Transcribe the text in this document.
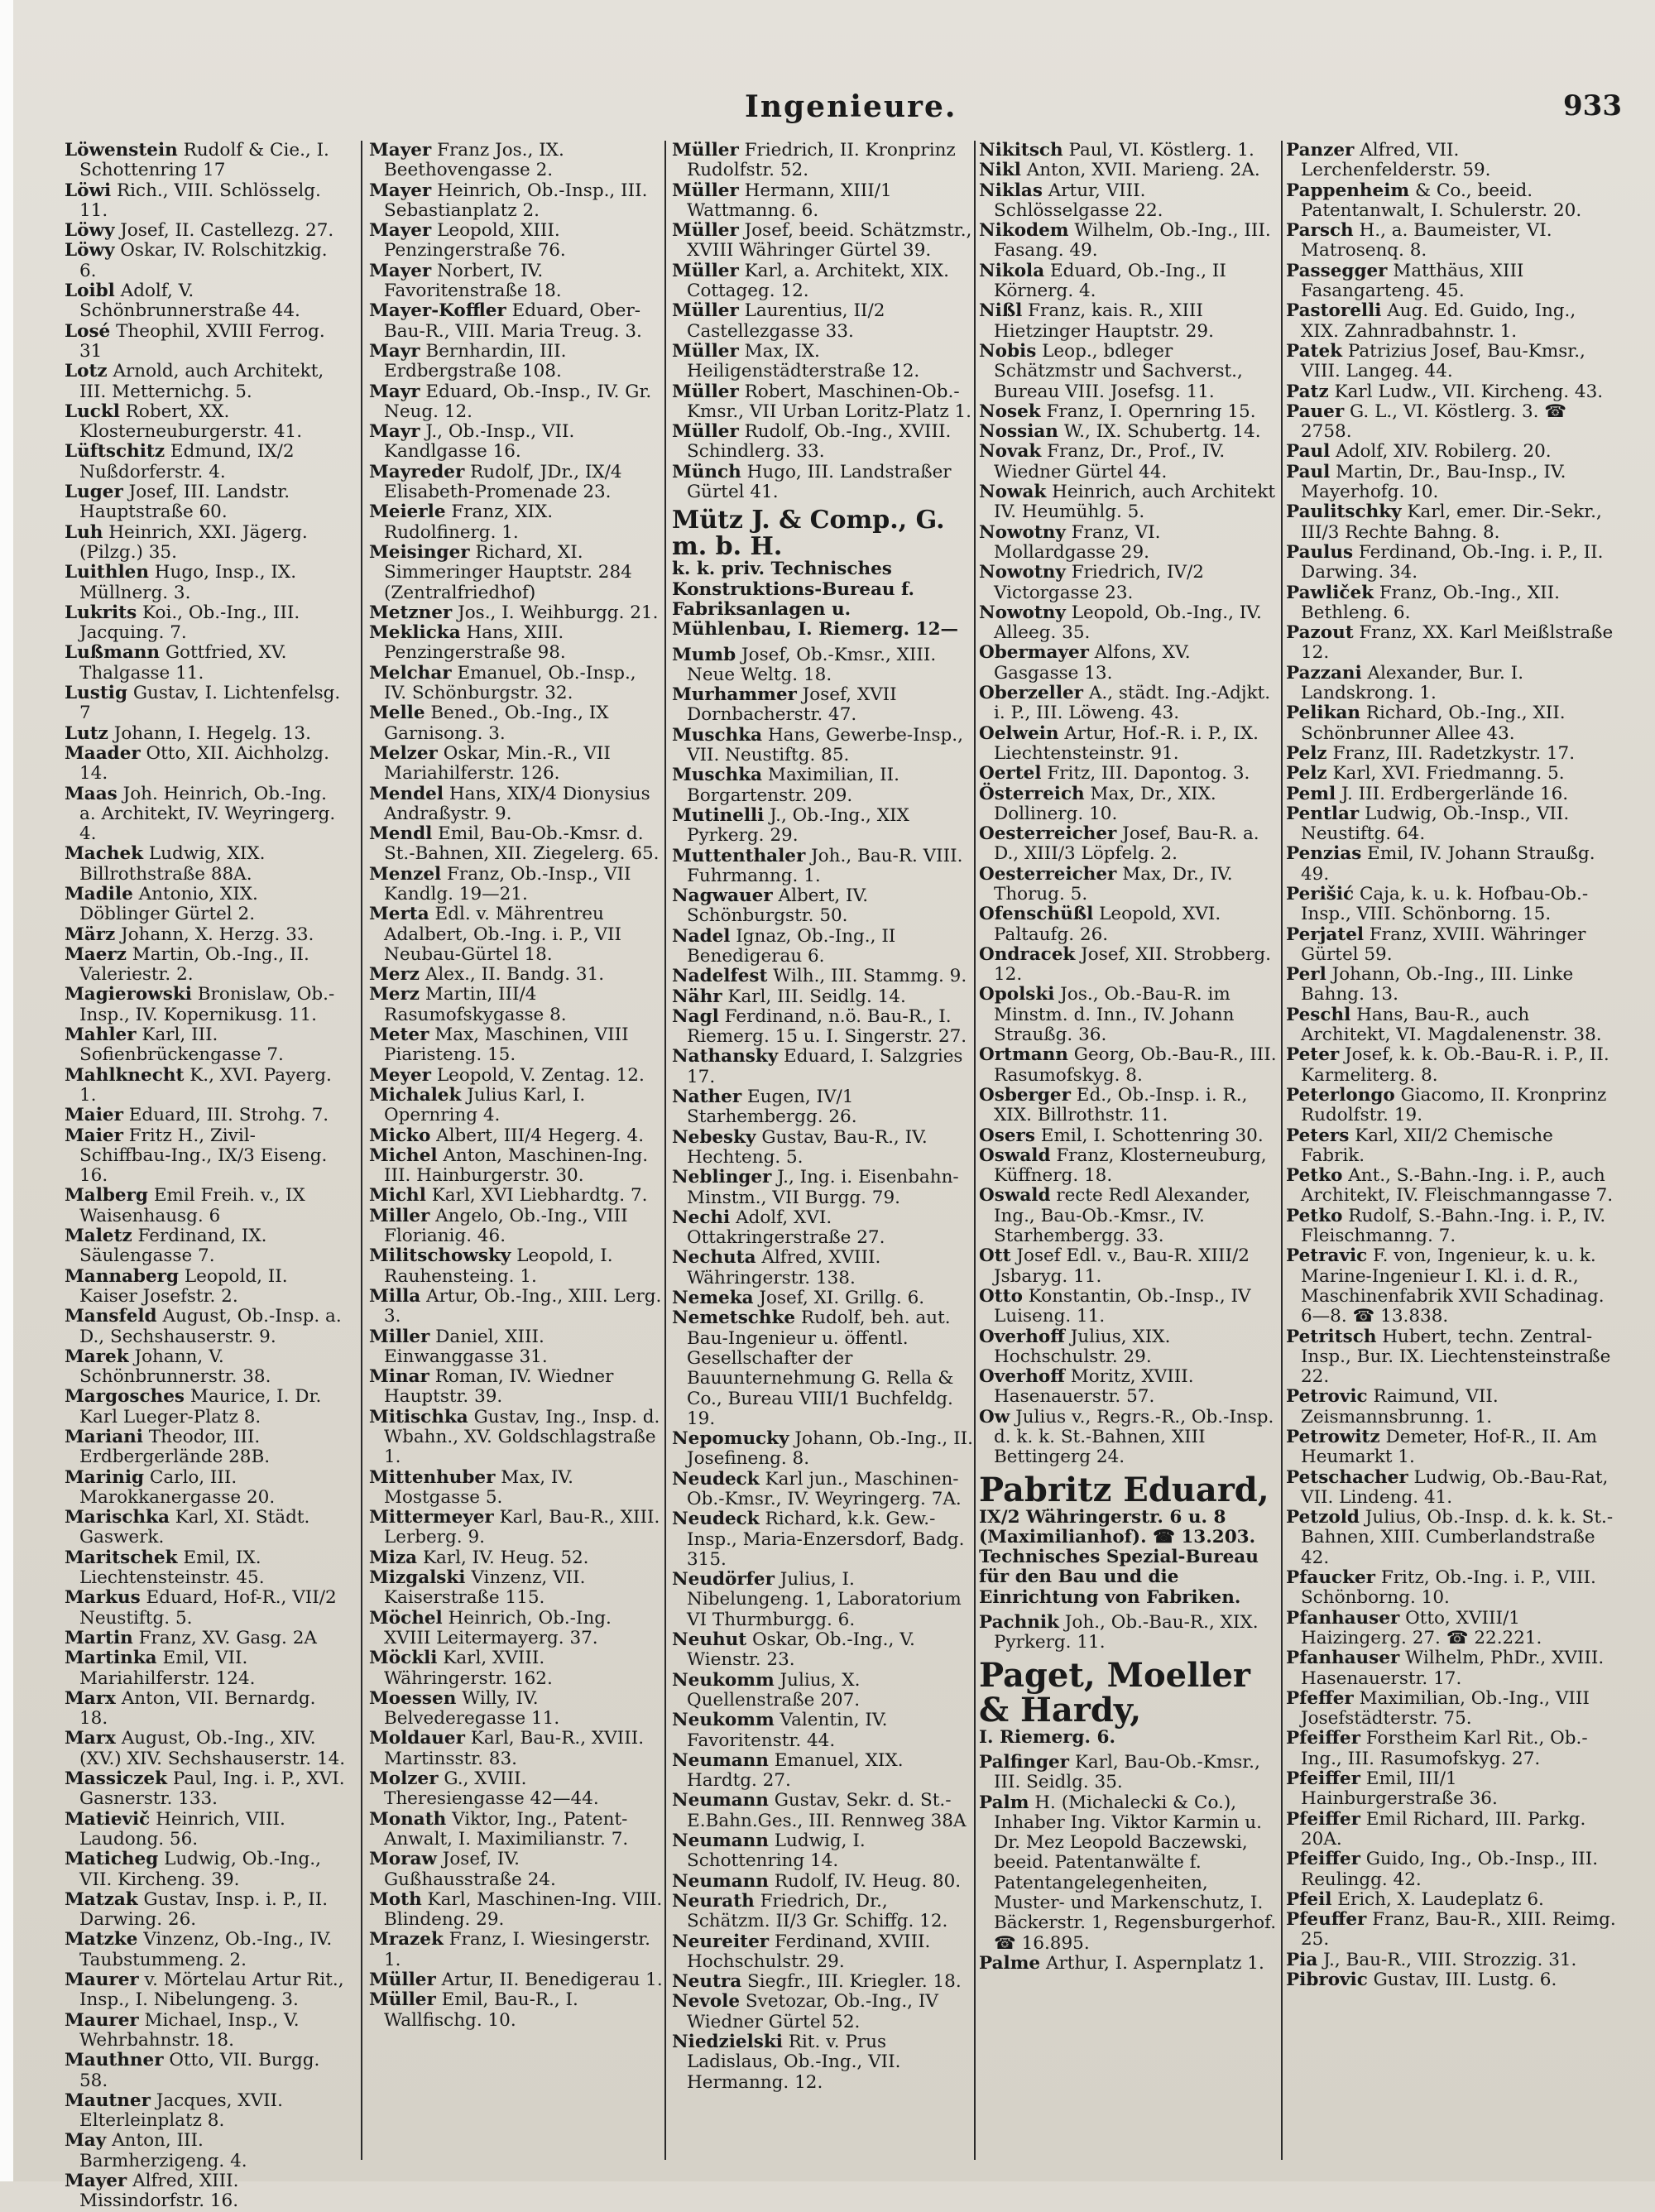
Ingenieure.	933
Löwenstein Rudolf & Cie., I. Schottenring 17
Löwi Rich., VIII. Schlösselg. 11.
Löwy Josef, II. Castellezg. 27.
Löwy Oskar, IV. Rolschitzkig. 6.
Loibl Adolf, V. Schönbrunnerstraße 44.
Losé Theophil, XVIII Ferrog. 31
Lotz Arnold, auch Architekt, III. Metternichg. 5.
Luckl Robert, XX. Klosterneuburgerstr. 41.
Lüftschitz Edmund, IX/2 Nußdorferstr. 4.
Luger Josef, III. Landstr. Hauptstraße 60.
Luh Heinrich, XXI. Jägerg. (Pilzg.) 35.
Luithlen Hugo, Insp., IX. Müllnerg. 3.
Lukrits Koi., Ob.-Ing., III. Jacquing. 7.
Lußmann Gottfried, XV. Thalgasse 11.
Lustig Gustav, I. Lichtenfelsg. 7
Lutz Johann, I. Hegelg. 13.
Maader Otto, XII. Aichholzg. 14.
Maas Joh. Heinrich, Ob.-Ing. a. Architekt, IV. Weyringerg. 4.
Machek Ludwig, XIX. Billrothstraße 88A.
Madile Antonio, XIX. Döblinger Gürtel 2.
März Johann, X. Herzg. 33.
Maerz Martin, Ob.-Ing., II. Valeriestr. 2.
Magierowski Bronislaw, Ob.-Insp., IV. Kopernikusg. 11.
Mahler Karl, III. Sofienbrückengasse 7.
Mahlknecht K., XVI. Payerg. 1.
Maier Eduard, III. Strohg. 7.
Maier Fritz H., Zivil-Schiffbau-Ing., IX/3 Eiseng. 16.
Malberg Emil Freih. v., IX Waisenhausg. 6
Maletz Ferdinand, IX. Säulengasse 7.
Mannaberg Leopold, II. Kaiser Josefstr. 2.
Mansfeld August, Ob.-Insp. a. D., Sechshauserstr. 9.
Marek Johann, V. Schönbrunnerstr. 38.
Margosches Maurice, I. Dr. Karl Lueger-Platz 8.
Mariani Theodor, III. Erdbergerlände 28B.
Marinig Carlo, III. Marokkanergasse 20.
Marischka Karl, XI. Städt. Gaswerk.
Maritschek Emil, IX. Liechtensteinstr. 45.
Markus Eduard, Hof-R., VII/2 Neustiftg. 5.
Martin Franz, XV. Gasg. 2A
Martinka Emil, VII. Mariahilferstr. 124.
Marx Anton, VII. Bernardg. 18.
Marx August, Ob.-Ing., XIV. (XV.) XIV. Sechshauserstr. 14.
Massiczek Paul, Ing. i. P., XVI. Gasnerstr. 133.
Matievič Heinrich, VIII. Laudong. 56.
Maticheg Ludwig, Ob.-Ing., VII. Kircheng. 39.
Matzak Gustav, Insp. i. P., II. Darwing. 26.
Matzke Vinzenz, Ob.-Ing., IV. Taubstummeng. 2.
Maurer v. Mörtelau Artur Rit., Insp., I. Nibelungeng. 3.
Maurer Michael, Insp., V. Wehrbahnstr. 18.
Mauthner Otto, VII. Burgg. 58.
Mautner Jacques, XVII. Elterleinplatz 8.
May Anton, III. Barmherzigeng. 4.
Mayer Alfred, XIII. Missindorfstr. 16.
Mayer Franz Jos., IX. Beethovengasse 2.
Mayer Heinrich, Ob.-Insp., III. Sebastianplatz 2.
Mayer Leopold, XIII. Penzingerstraße 76.
Mayer Norbert, IV. Favoritenstraße 18.
Mayer-Koffler Eduard, Ober-Bau-R., VIII. Maria Treug. 3.
Mayr Bernhardin, III. Erdbergstraße 108.
Mayr Eduard, Ob.-Insp., IV. Gr. Neug. 12.
Mayr J., Ob.-Insp., VII. Kandlgasse 16.
Mayreder Rudolf, JDr., IX/4 Elisabeth-Promenade 23.
Meierle Franz, XIX. Rudolfinerg. 1.
Meisinger Richard, XI. Simmeringer Hauptstr. 284 (Zentralfriedhof)
Metzner Jos., I. Weihburgg. 21.
Meklicka Hans, XIII. Penzingerstraße 98.
Melchar Emanuel, Ob.-Insp., IV. Schönburgstr. 32.
Melle Bened., Ob.-Ing., IX Garnisong. 3.
Melzer Oskar, Min.-R., VII Mariahilferstr. 126.
Mendel Hans, XIX/4 Dionysius Andraßystr. 9.
Mendl Emil, Bau-Ob.-Kmsr. d. St.-Bahnen, XII. Ziegelerg. 65.
Menzel Franz, Ob.-Insp., VII Kandlg. 19—21.
Merta Edl. v. Mährentreu Adalbert, Ob.-Ing. i. P., VII Neubau-Gürtel 18.
Merz Alex., II. Bandg. 31.
Merz Martin, III/4 Rasumofskygasse 8.
Meter Max, Maschinen, VIII Piaristeng. 15.
Meyer Leopold, V. Zentag. 12.
Michalek Julius Karl, I. Opernring 4.
Micko Albert, III/4 Hegerg. 4.
Michel Anton, Maschinen-Ing. III. Hainburgerstr. 30.
Michl Karl, XVI Liebhardtg. 7.
Miller Angelo, Ob.-Ing., VIII Florianig. 46.
Militschowsky Leopold, I. Rauhensteing. 1.
Milla Artur, Ob.-Ing., XIII. Lerg. 3.
Miller Daniel, XIII. Einwanggasse 31.
Minar Roman, IV. Wiedner Hauptstr. 39.
Mitischka Gustav, Ing., Insp. d. Wbahn., XV. Goldschlagstraße 1.
Mittenhuber Max, IV. Mostgasse 5.
Mittermeyer Karl, Bau-R., XIII. Lerberg. 9.
Miza Karl, IV. Heug. 52.
Mizgalski Vinzenz, VII. Kaiserstraße 115.
Möchel Heinrich, Ob.-Ing. XVIII Leitermayerg. 37.
Möckli Karl, XVIII. Währingerstr. 162.
Moessen Willy, IV. Belvederegasse 11.
Moldauer Karl, Bau-R., XVIII. Martinsstr. 83.
Molzer G., XVIII. Theresiengasse 42—44.
Monath Viktor, Ing., Patent-Anwalt, I. Maximilianstr. 7.
Moraw Josef, IV. Gußhausstraße 24.
Moth Karl, Maschinen-Ing. VIII. Blindeng. 29.
Mrazek Franz, I. Wiesingerstr. 1.
Müller Artur, II. Benedigerau 1.
Müller Emil, Bau-R., I. Wallfischg. 10.
Müller Friedrich, II. Kronprinz Rudolfstr. 52.
Müller Hermann, XIII/1 Wattmanng. 6.
Müller Josef, beeid. Schätzmstr., XVIII Währinger Gürtel 39.
Müller Karl, a. Architekt, XIX. Cottageg. 12.
Müller Laurentius, II/2 Castellezgasse 33.
Müller Max, IX. Heiligenstädterstraße 12.
Müller Robert, Maschinen-Ob.-Kmsr., VII Urban Loritz-Platz 1.
Müller Rudolf, Ob.-Ing., XVIII. Schindlerg. 33.
Münch Hugo, III. Landstraßer Gürtel 41.
Mütz J. & Comp., G. m. b. H.
k. k. priv. Technisches Konstruktions-Bureau f. Fabriksanlagen u. Mühlenbau, I. Riemerg. 12—
Mumb Josef, Ob.-Kmsr., XIII. Neue Weltg. 18.
Murhammer Josef, XVII Dornbacherstr. 47.
Muschka Hans, Gewerbe-Insp., VII. Neustiftg. 85.
Muschka Maximilian, II. Borgartenstr. 209.
Mutinelli J., Ob.-Ing., XIX Pyrkerg. 29.
Muttenthaler Joh., Bau-R. VIII. Fuhrmanng. 1.
Nagwauer Albert, IV. Schönburgstr. 50.
Nadel Ignaz, Ob.-Ing., II Benedigerau 6.
Nadelfest Wilh., III. Stammg. 9.
Nähr Karl, III. Seidlg. 14.
Nagl Ferdinand, n.ö. Bau-R., I. Riemerg. 15 u. I. Singerstr. 27.
Nathansky Eduard, I. Salzgries 17.
Nather Eugen, IV/1 Starhembergg. 26.
Nebesky Gustav, Bau-R., IV. Hechteng. 5.
Neblinger J., Ing. i. Eisenbahn-Minstm., VII Burgg. 79.
Nechi Adolf, XVI. Ottakringerstraße 27.
Nechuta Alfred, XVIII. Währingerstr. 138.
Nemeka Josef, XI. Grillg. 6.
Nemetschke Rudolf, beh. aut. Bau-Ingenieur u. öffentl. Gesellschafter der Bauunternehmung G. Rella & Co., Bureau VIII/1 Buchfeldg. 19.
Nepomucky Johann, Ob.-Ing., II. Josefineng. 8.
Neudeck Karl jun., Maschinen-Ob.-Kmsr., IV. Weyringerg. 7A.
Neudeck Richard, k.k. Gew.-Insp., Maria-Enzersdorf, Badg. 315.
Neudörfer Julius, I. Nibelungeng. 1, Laboratorium VI Thurmburgg. 6.
Neuhut Oskar, Ob.-Ing., V. Wienstr. 23.
Neukomm Julius, X. Quellenstraße 207.
Neukomm Valentin, IV. Favoritenstr. 44.
Neumann Emanuel, XIX. Hardtg. 27.
Neumann Gustav, Sekr. d. St.-E.Bahn.Ges., III. Rennweg 38A
Neumann Ludwig, I. Schottenring 14.
Neumann Rudolf, IV. Heug. 80.
Neurath Friedrich, Dr., Schätzm. II/3 Gr. Schiffg. 12.
Neureiter Ferdinand, XVIII. Hochschulstr. 29.
Neutra Siegfr., III. Kriegler. 18.
Nevole Svetozar, Ob.-Ing., IV Wiedner Gürtel 52.
Niedzielski Rit. v. Prus Ladislaus, Ob.-Ing., VII. Hermanng. 12.
Nikitsch Paul, VI. Köstlerg. 1.
Nikl Anton, XVII. Marieng. 2A.
Niklas Artur, VIII. Schlösselgasse 22.
Nikodem Wilhelm, Ob.-Ing., III. Fasang. 49.
Nikola Eduard, Ob.-Ing., II Körnerg. 4.
Nißl Franz, kais. R., XIII Hietzinger Hauptstr. 29.
Nobis Leop., bdleger Schätzmstr und Sachverst., Bureau VIII. Josefsg. 11.
Nosek Franz, I. Opernring 15.
Nossian W., IX. Schubertg. 14.
Novak Franz, Dr., Prof., IV. Wiedner Gürtel 44.
Nowak Heinrich, auch Architekt IV. Heumühlg. 5.
Nowotny Franz, VI. Mollardgasse 29.
Nowotny Friedrich, IV/2 Victorgasse 23.
Nowotny Leopold, Ob.-Ing., IV. Alleeg. 35.
Obermayer Alfons, XV. Gasgasse 13.
Oberzeller A., städt. Ing.-Adjkt. i. P., III. Löweng. 43.
Oelwein Artur, Hof.-R. i. P., IX. Liechtensteinstr. 91.
Oertel Fritz, III. Dapontog. 3.
Österreich Max, Dr., XIX. Dollinerg. 10.
Oesterreicher Josef, Bau-R. a. D., XIII/3 Löpfelg. 2.
Oesterreicher Max, Dr., IV. Thorug. 5.
Ofenschüßl Leopold, XVI. Paltaufg. 26.
Ondracek Josef, XII. Strobberg. 12.
Opolski Jos., Ob.-Bau-R. im Minstm. d. Inn., IV. Johann Straußg. 36.
Ortmann Georg, Ob.-Bau-R., III. Rasumofskyg. 8.
Osberger Ed., Ob.-Insp. i. R., XIX. Billrothstr. 11.
Osers Emil, I. Schottenring 30.
Oswald Franz, Klosterneuburg, Küffnerg. 18.
Oswald recte Redl Alexander, Ing., Bau-Ob.-Kmsr., IV. Starhembergg. 33.
Ott Josef Edl. v., Bau-R. XIII/2 Jsbaryg. 11.
Otto Konstantin, Ob.-Insp., IV Luiseng. 11.
Overhoff Julius, XIX. Hochschulstr. 29.
Overhoff Moritz, XVIII. Hasenauerstr. 57.
Ow Julius v., Regrs.-R., Ob.-Insp. d. k. k. St.-Bahnen, XIII Bettingerg 24.
Pabritz Eduard,
IX/2 Währingerstr. 6 u. 8 (Maximilianhof). ☎ 13.203. Technisches Spezial-Bureau für den Bau und die Einrichtung von Fabriken.
Pachnik Joh., Ob.-Bau-R., XIX. Pyrkerg. 11.
Paget, Moeller & Hardy,
I. Riemerg. 6.
Palfinger Karl, Bau-Ob.-Kmsr., III. Seidlg. 35.
Palm H. (Michalecki & Co.), Inhaber Ing. Viktor Karmin u. Dr. Mez Leopold Baczewski, beeid. Patentanwälte f. Patentangelegenheiten, Muster- und Markenschutz, I. Bäckerstr. 1, Regensburgerhof. ☎ 16.895.
Palme Arthur, I. Aspernplatz 1.
Panzer Alfred, VII. Lerchenfelderstr. 59.
Pappenheim & Co., beeid. Patentanwalt, I. Schulerstr. 20.
Parsch H., a. Baumeister, VI. Matrosenq. 8.
Passegger Matthäus, XIII Fasangarteng. 45.
Pastorelli Aug. Ed. Guido, Ing., XIX. Zahnradbahnstr. 1.
Patek Patrizius Josef, Bau-Kmsr., VIII. Langeg. 44.
Patz Karl Ludw., VII. Kircheng. 43.
Pauer G. L., VI. Köstlerg. 3. ☎ 2758.
Paul Adolf, XIV. Robilerg. 20.
Paul Martin, Dr., Bau-Insp., IV. Mayerhofg. 10.
Paulitschky Karl, emer. Dir.-Sekr., III/3 Rechte Bahng. 8.
Paulus Ferdinand, Ob.-Ing. i. P., II. Darwing. 34.
Pawliček Franz, Ob.-Ing., XII. Bethleng. 6.
Pazout Franz, XX. Karl Meißlstraße 12.
Pazzani Alexander, Bur. I. Landskrong. 1.
Pelikan Richard, Ob.-Ing., XII. Schönbrunner Allee 43.
Pelz Franz, III. Radetzkystr. 17.
Pelz Karl, XVI. Friedmanng. 5.
Peml J. III. Erdbergerlände 16.
Pentlar Ludwig, Ob.-Insp., VII. Neustiftg. 64.
Penzias Emil, IV. Johann Straußg. 49.
Perišić Caja, k. u. k. Hofbau-Ob.-Insp., VIII. Schönborng. 15.
Perjatel Franz, XVIII. Währinger Gürtel 59.
Perl Johann, Ob.-Ing., III. Linke Bahng. 13.
Peschl Hans, Bau-R., auch Architekt, VI. Magdalenenstr. 38.
Peter Josef, k. k. Ob.-Bau-R. i. P., II. Karmeliterg. 8.
Peterlongo Giacomo, II. Kronprinz Rudolfstr. 19.
Peters Karl, XII/2 Chemische Fabrik.
Petko Ant., S.-Bahn.-Ing. i. P., auch Architekt, IV. Fleischmanngasse 7.
Petko Rudolf, S.-Bahn.-Ing. i. P., IV. Fleischmanng. 7.
Petravic F. von, Ingenieur, k. u. k. Marine-Ingenieur I. Kl. i. d. R., Maschinenfabrik XVII Schadinag. 6—8. ☎ 13.838.
Petritsch Hubert, techn. Zentral-Insp., Bur. IX. Liechtensteinstraße 22.
Petrovic Raimund, VII. Zeismannsbrunng. 1.
Petrowitz Demeter, Hof-R., II. Am Heumarkt 1.
Petschacher Ludwig, Ob.-Bau-Rat, VII. Lindeng. 41.
Petzold Julius, Ob.-Insp. d. k. k. St.-Bahnen, XIII. Cumberlandstraße 42.
Pfaucker Fritz, Ob.-Ing. i. P., VIII. Schönborng. 10.
Pfanhauser Otto, XVIII/1 Haizingerg. 27. ☎ 22.221.
Pfanhauser Wilhelm, PhDr., XVIII. Hasenauerstr. 17.
Pfeffer Maximilian, Ob.-Ing., VIII Josefstädterstr. 75.
Pfeiffer Forstheim Karl Rit., Ob.-Ing., III. Rasumofskyg. 27.
Pfeiffer Emil, III/1 Hainburgerstraße 36.
Pfeiffer Emil Richard, III. Parkg. 20A.
Pfeiffer Guido, Ing., Ob.-Insp., III. Reulingg. 42.
Pfeil Erich, X. Laudeplatz 6.
Pfeuffer Franz, Bau-R., XIII. Reimg. 25.
Pia J., Bau-R., VIII. Strozzig. 31.
Pibrovic Gustav, III. Lustg. 6.
